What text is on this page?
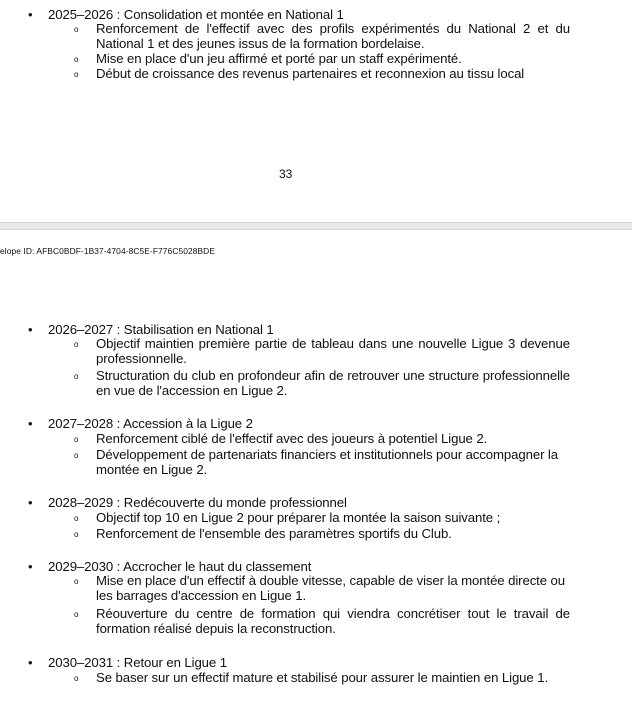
• 2025–2026 : Consolidation et montée en National 1
o Renforcement de l'effectif avec des profils expérimentés du National 2 et du National 1 et des jeunes issus de la formation bordelaise.
o Mise en place d'un jeu affirmé et porté par un staff expérimenté.
o Début de croissance des revenus partenaires et reconnexion au tissu local
33
elope ID: AFBC0BDF-1B37-4704-8C5E-F776C5028BDE
• 2026–2027 : Stabilisation en National 1
o Objectif maintien première partie de tableau dans une nouvelle Ligue 3 devenue professionnelle.
o Structuration du club en profondeur afin de retrouver une structure professionnelle en vue de l'accession en Ligue 2.
• 2027–2028 : Accession à la Ligue 2
o Renforcement ciblé de l'effectif avec des joueurs à potentiel Ligue 2.
o Développement de partenariats financiers et institutionnels pour accompagner la montée en Ligue 2.
• 2028–2029 : Redécouverte du monde professionnel
o Objectif top 10 en Ligue 2 pour préparer la montée la saison suivante ;
o Renforcement de l'ensemble des paramètres sportifs du Club.
• 2029–2030 : Accrocher le haut du classement
o Mise en place d'un effectif à double vitesse, capable de viser la montée directe ou les barrages d'accession en Ligue 1.
o Réouverture du centre de formation qui viendra concrétiser tout le travail de formation réalisé depuis la reconstruction.
• 2030–2031 : Retour en Ligue 1
o Se baser sur un effectif mature et stabilisé pour assurer le maintien en Ligue 1.
